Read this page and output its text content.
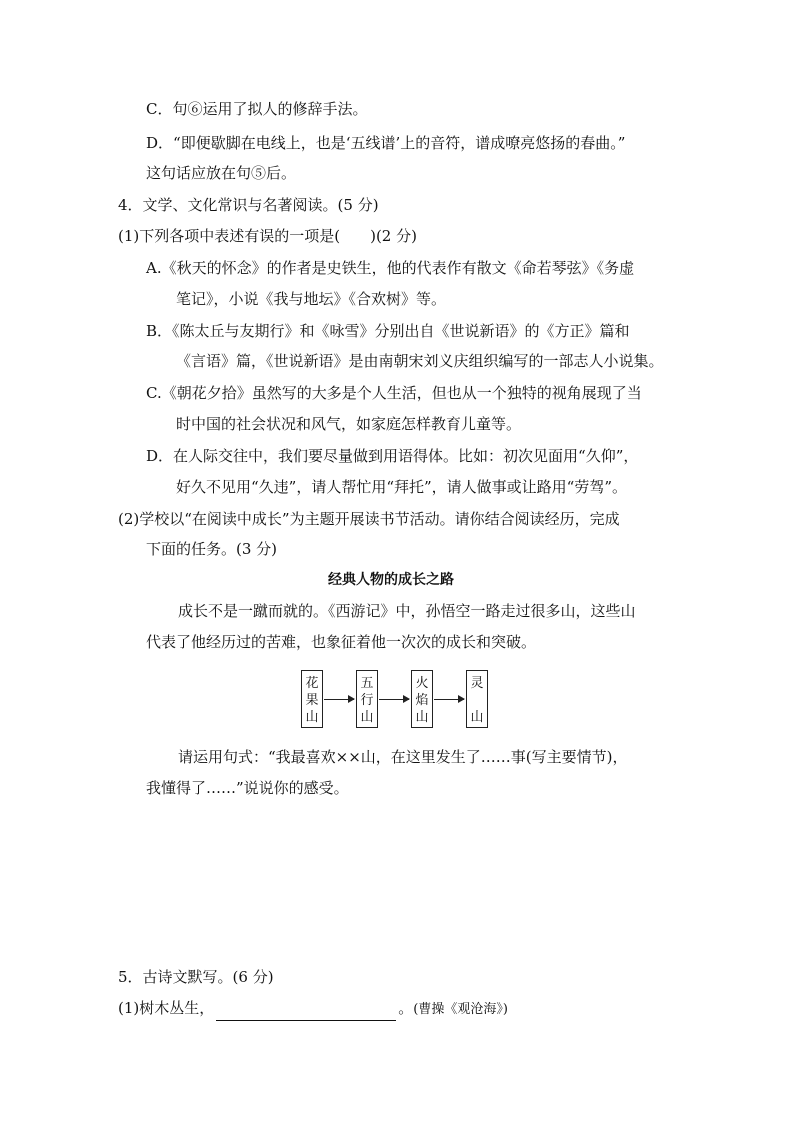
C．句⑥运用了拟人的修辞手法。
D．“即便歇脚在电线上，也是‘五线谱’上的音符，谱成嘹亮悠扬的春曲。”
这句话应放在句⑤后。
4．文学、文化常识与名著阅读。(5 分)
(1)下列各项中表述有误的一项是(　　)(2 分)
A.《秋天的怀念》的作者是史铁生，他的代表作有散文《命若琴弦》《务虚
笔记》，小说《我与地坛》《合欢树》等。
B．《陈太丘与友期行》和《咏雪》分别出自《世说新语》的《方正》篇和
《言语》篇，《世说新语》是由南朝宋刘义庆组织编写的一部志人小说集。
C.《朝花夕拾》虽然写的大多是个人生活，但也从一个独特的视角展现了当
时中国的社会状况和风气，如家庭怎样教育儿童等。
D．在人际交往中，我们要尽量做到用语得体。比如：初次见面用“久仰”，
好久不见用“久违”，请人帮忙用“拜托”，请人做事或让路用“劳驾”。
(2)学校以“在阅读中成长”为主题开展读书节活动。请你结合阅读经历，完成
下面的任务。(3 分)
经典人物的成长之路
成长不是一蹴而就的。《西游记》中，孙悟空一路走过很多山，这些山
代表了他经历过的苦难，也象征着他一次次的成长和突破。
花
果
山
五
行
山
火
焰
山
灵
山
请运用句式：“我最喜欢××山，在这里发生了……事(写主要情节)，
我懂得了……”说说你的感受。
5．古诗文默写。(6 分)
(1)树木丛生，	。(曹操《观沧海》)
